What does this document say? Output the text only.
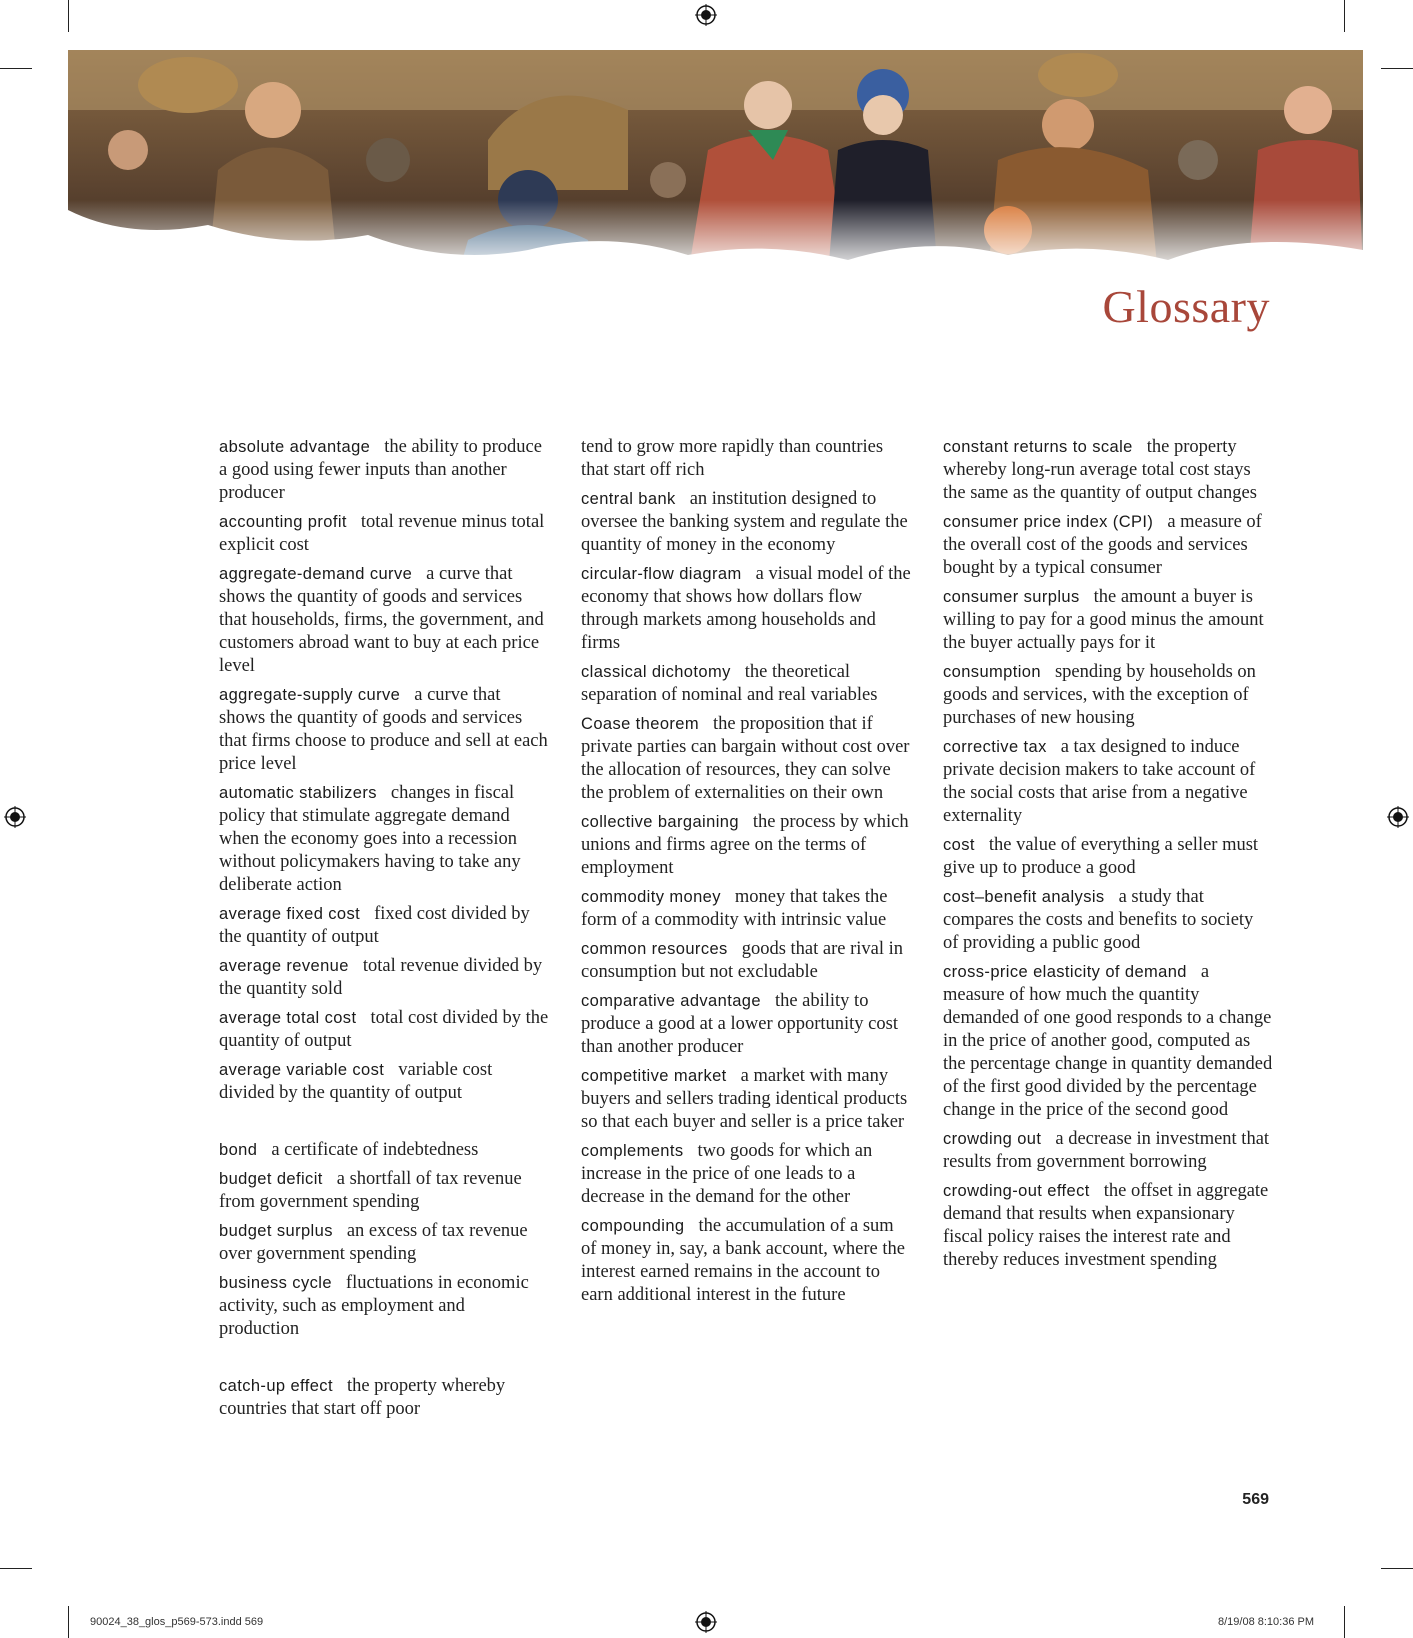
Glossary
absolute advantage the ability to produce a good using fewer inputs than another producer
accounting profit total revenue minus total explicit cost
aggregate-demand curve a curve that shows the quantity of goods and services that households, firms, the government, and customers abroad want to buy at each price level
aggregate-supply curve a curve that shows the quantity of goods and services that firms choose to produce and sell at each price level
automatic stabilizers changes in fiscal policy that stimulate aggregate demand when the economy goes into a recession without policymakers having to take any deliberate action
average fixed cost fixed cost divided by the quantity of output
average revenue total revenue divided by the quantity sold
average total cost total cost divided by the quantity of output
average variable cost variable cost divided by the quantity of output
bond a certificate of indebtedness
budget deficit a shortfall of tax revenue from government spending
budget surplus an excess of tax revenue over government spending
business cycle fluctuations in economic activity, such as employment and production
catch-up effect the property whereby countries that start off poor
tend to grow more rapidly than countries that start off rich
central bank an institution designed to oversee the banking system and regulate the quantity of money in the economy
circular-flow diagram a visual model of the economy that shows how dollars flow through markets among households and firms
classical dichotomy the theoretical separation of nominal and real variables
Coase theorem the proposition that if private parties can bargain without cost over the allocation of resources, they can solve the problem of externalities on their own
collective bargaining the process by which unions and firms agree on the terms of employment
commodity money money that takes the form of a commodity with intrinsic value
common resources goods that are rival in consumption but not excludable
comparative advantage the ability to produce a good at a lower opportunity cost than another producer
competitive market a market with many buyers and sellers trading identical products so that each buyer and seller is a price taker
complements two goods for which an increase in the price of one leads to a decrease in the demand for the other
compounding the accumulation of a sum of money in, say, a bank account, where the interest earned remains in the account to earn additional interest in the future
constant returns to scale the property whereby long-run average total cost stays the same as the quantity of output changes
consumer price index (CPI) a measure of the overall cost of the goods and services bought by a typical consumer
consumer surplus the amount a buyer is willing to pay for a good minus the amount the buyer actually pays for it
consumption spending by households on goods and services, with the exception of purchases of new housing
corrective tax a tax designed to induce private decision makers to take account of the social costs that arise from a negative externality
cost the value of everything a seller must give up to produce a good
cost–benefit analysis a study that compares the costs and benefits to society of providing a public good
cross-price elasticity of demand a measure of how much the quantity demanded of one good responds to a change in the price of another good, computed as the percentage change in quantity demanded of the first good divided by the percentage change in the price of the second good
crowding out a decrease in investment that results from government borrowing
crowding-out effect the offset in aggregate demand that results when expansionary fiscal policy raises the interest rate and thereby reduces investment spending
569
90024_38_glos_p569-573.indd 569	8/19/08 8:10:36 PM
